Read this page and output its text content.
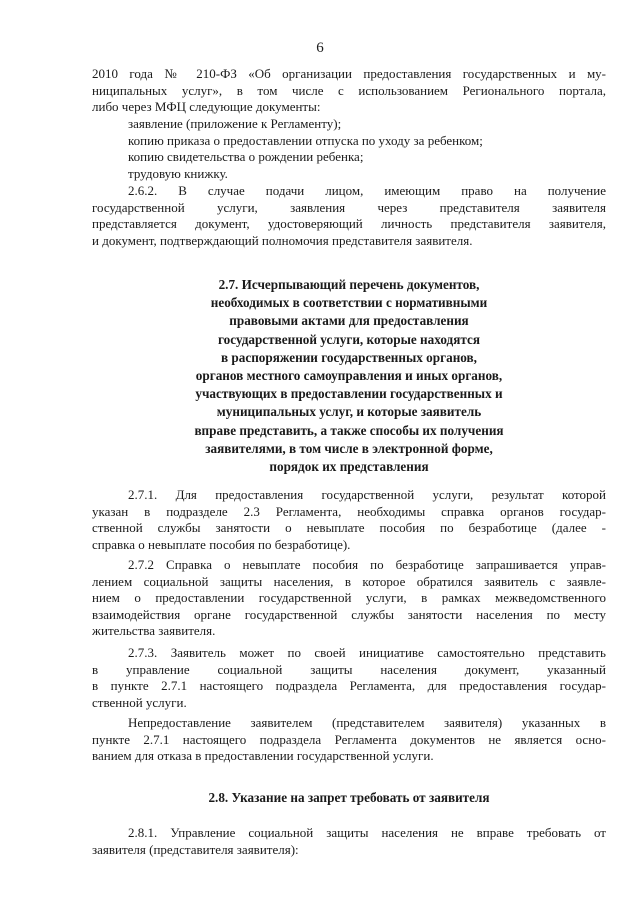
6
2010 года № 210-ФЗ «Об организации предоставления государственных и му-
ниципальных услуг», в том числе с использованием Регионального портала,
либо через МФЦ следующие документы:
заявление (приложение к Регламенту);
копию приказа о предоставлении отпуска по уходу за ребенком;
копию свидетельства о рождении ребенка;
трудовую книжку.
2.6.2. В случае подачи лицом, имеющим право на получение
государственной услуги, заявления через представителя заявителя
представляется документ, удостоверяющий личность представителя заявителя,
и документ, подтверждающий полномочия представителя заявителя.
2.7. Исчерпывающий перечень документов,
необходимых в соответствии с нормативными
правовыми актами для предоставления
государственной услуги, которые находятся
в распоряжении государственных органов,
органов местного самоуправления и иных органов,
участвующих в предоставлении государственных и
муниципальных услуг, и которые заявитель
вправе представить, а также способы их получения
заявителями, в том числе в электронной форме,
порядок их представления
2.7.1. Для предоставления государственной услуги, результат которой
указан в подразделе 2.3 Регламента, необходимы справка органов государ-
ственной службы занятости о невыплате пособия по безработице (далее -
справка о невыплате пособия по безработице).
2.7.2 Справка о невыплате пособия по безработице запрашивается управ-
лением социальной защиты населения, в которое обратился заявитель с заявле-
нием о предоставлении государственной услуги, в рамках межведомственного
взаимодействия органе государственной службы занятости населения по месту
жительства заявителя.
2.7.3. Заявитель может по своей инициативе самостоятельно представить
в управление социальной защиты населения документ, указанный
в пункте 2.7.1 настоящего подраздела Регламента, для предоставления государ-
ственной услуги.
Непредоставление заявителем (представителем заявителя) указанных в
пункте 2.7.1 настоящего подраздела Регламента документов не является осно-
ванием для отказа в предоставлении государственной услуги.
2.8. Указание на запрет требовать от заявителя
2.8.1. Управление социальной защиты населения не вправе требовать от
заявителя (представителя заявителя):
